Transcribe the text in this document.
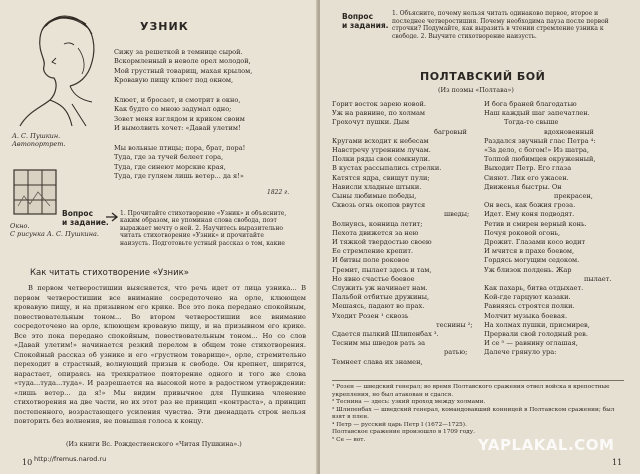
А. С. Пушкин.
Автопортрет.
УЗНИК
Сижу за решеткой в темнице сырой.
Вскормленный в неволе орел молодой,
Мой грустный товарищ, махая крылом,
Кровавую пищу клюет под окном,
Клюет, и бросает, и смотрит в окно,
Как будто со мною задумал одно;
Зовет меня взглядом и криком своим
И вымолвить хочет: «Давай улетим!
Мы вольные птицы; пора, брат, пора!
Туда, где за тучей белеет гора,
Туда, где синеют морские края,
Туда, где гуляем лишь ветер... да я!»
1822 г.
Окно.
С рисунка А. С. Пушкина.
Вопрос
и задание.
1. Прочитайте стихотворение «Узник» и объясните, каким образом, не упоминая слова свобода, поэт выражает мечту о ней. 2. Научитесь выразительно читать стихотворение «Узник» и прочитайте наизусть. Подготовьте устный рассказ о том, какие
Как читать стихотворение «Узник»
В первом четверостишии выясняется, что речь идет от лица узника... В первом четверостишии все внимание сосредоточено на орле, клюющем кровавую пищу, и на призывном его крике. Все это пока передано спокойным, повествовательным тоном... Во втором четверостишии все внимание сосредоточено на орле, клюющем кровавую пищу, и на призывном его крике. Все это пока передано спокойным, повествовательным тоном... Но со слов «Давай улетим!» начинается резкий перелом в общем тоне стихотворения. Спокойный рассказ об узнике и его «грустном товарище», орле, стремительно переходит в страстный, волнующий призыв к свободе. Он крепнет, ширится, нарастает, опираясь на трехкратное повторение одного и того же слова «туда...туда...туда». И разрешается на высокой ноте в радостном утверждении: «лишь ветер... да я!» Мы видим привычное для Пушкина членение стихотворения на две части, но их этот раз не принцип «контраста», а принцип постепенного, возрастающего усиления чувства. Эти двенадцать строк нельзя повторить без волнения, не повышая голоса к концу.
(Из книги Вс. Рождественского «Читая Пушкина».)
10 http://fremus.narod.ru
Вопрос
и задания.
1. Объясните, почему нельзя читать одинаково первое, второе и последнее четверостишия. Почему необходима пауза после первой строчки? Подумайте, как выразить в чтении стремление узника к свободе. 2. Выучите стихотворение наизусть.
ПОЛТАВСКИЙ БОЙ
(Из поэмы «Полтава»)
Горит восток зарею новой.
Уж на равнине, по холмам
Грохочут пушки. Дым
багровый
Кругами всходит к небесам
Навстречу утренним лучам.
Полки ряды свои сомкнули.
В кустах рассыпались стрелки.
Катятся ядра, свищут пули;
Нависли хладные штыки.
Сыны любимые победы,
Сквозь огнь окопов рвутся
шведы;
Волнуясь, конница летит;
Пехота движется за нею
И тяжкой твердостью своею
Ее стремление крепит.
И битвы поле роковое
Гремит, пылает здесь и там,
Но явно счастье боевое
Служить уж начинает нам.
Пальбой отбитые дружины,
Мешаясь, падают во прах.
Уходит Розен ¹ сквозь
теснины ²;
Сдается пылкий Шлипенбах ³.
Тесним мы шведов рать за
ратью;
Темнеет слава их знамен,
И бога браней благодатью
Наш каждый шаг запечатлен.
Тогда-то свыше
вдохновенный
Раздался звучный глас Петра ⁴:
«За дело, с богом!» Из шатра,
Толпой любимцев окруженный,
Выходит Петр. Его глаза
Сияют. Лик его ужасен.
Движенья быстры. Он
прекрасен,
Он весь, как божия гроза.
Идет. Ему коня подводят.
Ретив и смирен верный конь.
Почуя роковой огонь,
Дрожит. Глазами косо водит
И мчится в прахе боевом,
Гордясь могущим седоком.
Уж близок полдень. Жар
пылает.
Как пахарь, битва отдыхает.
Кой-где гарцуют казаки.
Равняясь строятся полки.
Молчит музыка боевая.
На холмах пушки, присмирев,
Прервали свой голодный рев.
И се ⁵ — равнину оглашая,
Далече грянуло ура:
¹ Розен — шведский генерал; во время Полтавского сражения отвел войска в крепостные укрепления, но был атакован и сдался.
² Теснина — здесь: узкий проход между холмами.
³ Шлипенбах — шведский генерал, командовавший конницей в Полтавском сражении; был взят в плен.
⁴ Петр — русский царь Петр I (1672—1725).
Полтавское сражение произошло в 1709 году.
⁵ Се — вот.
11
YAPLAKAL.COM
